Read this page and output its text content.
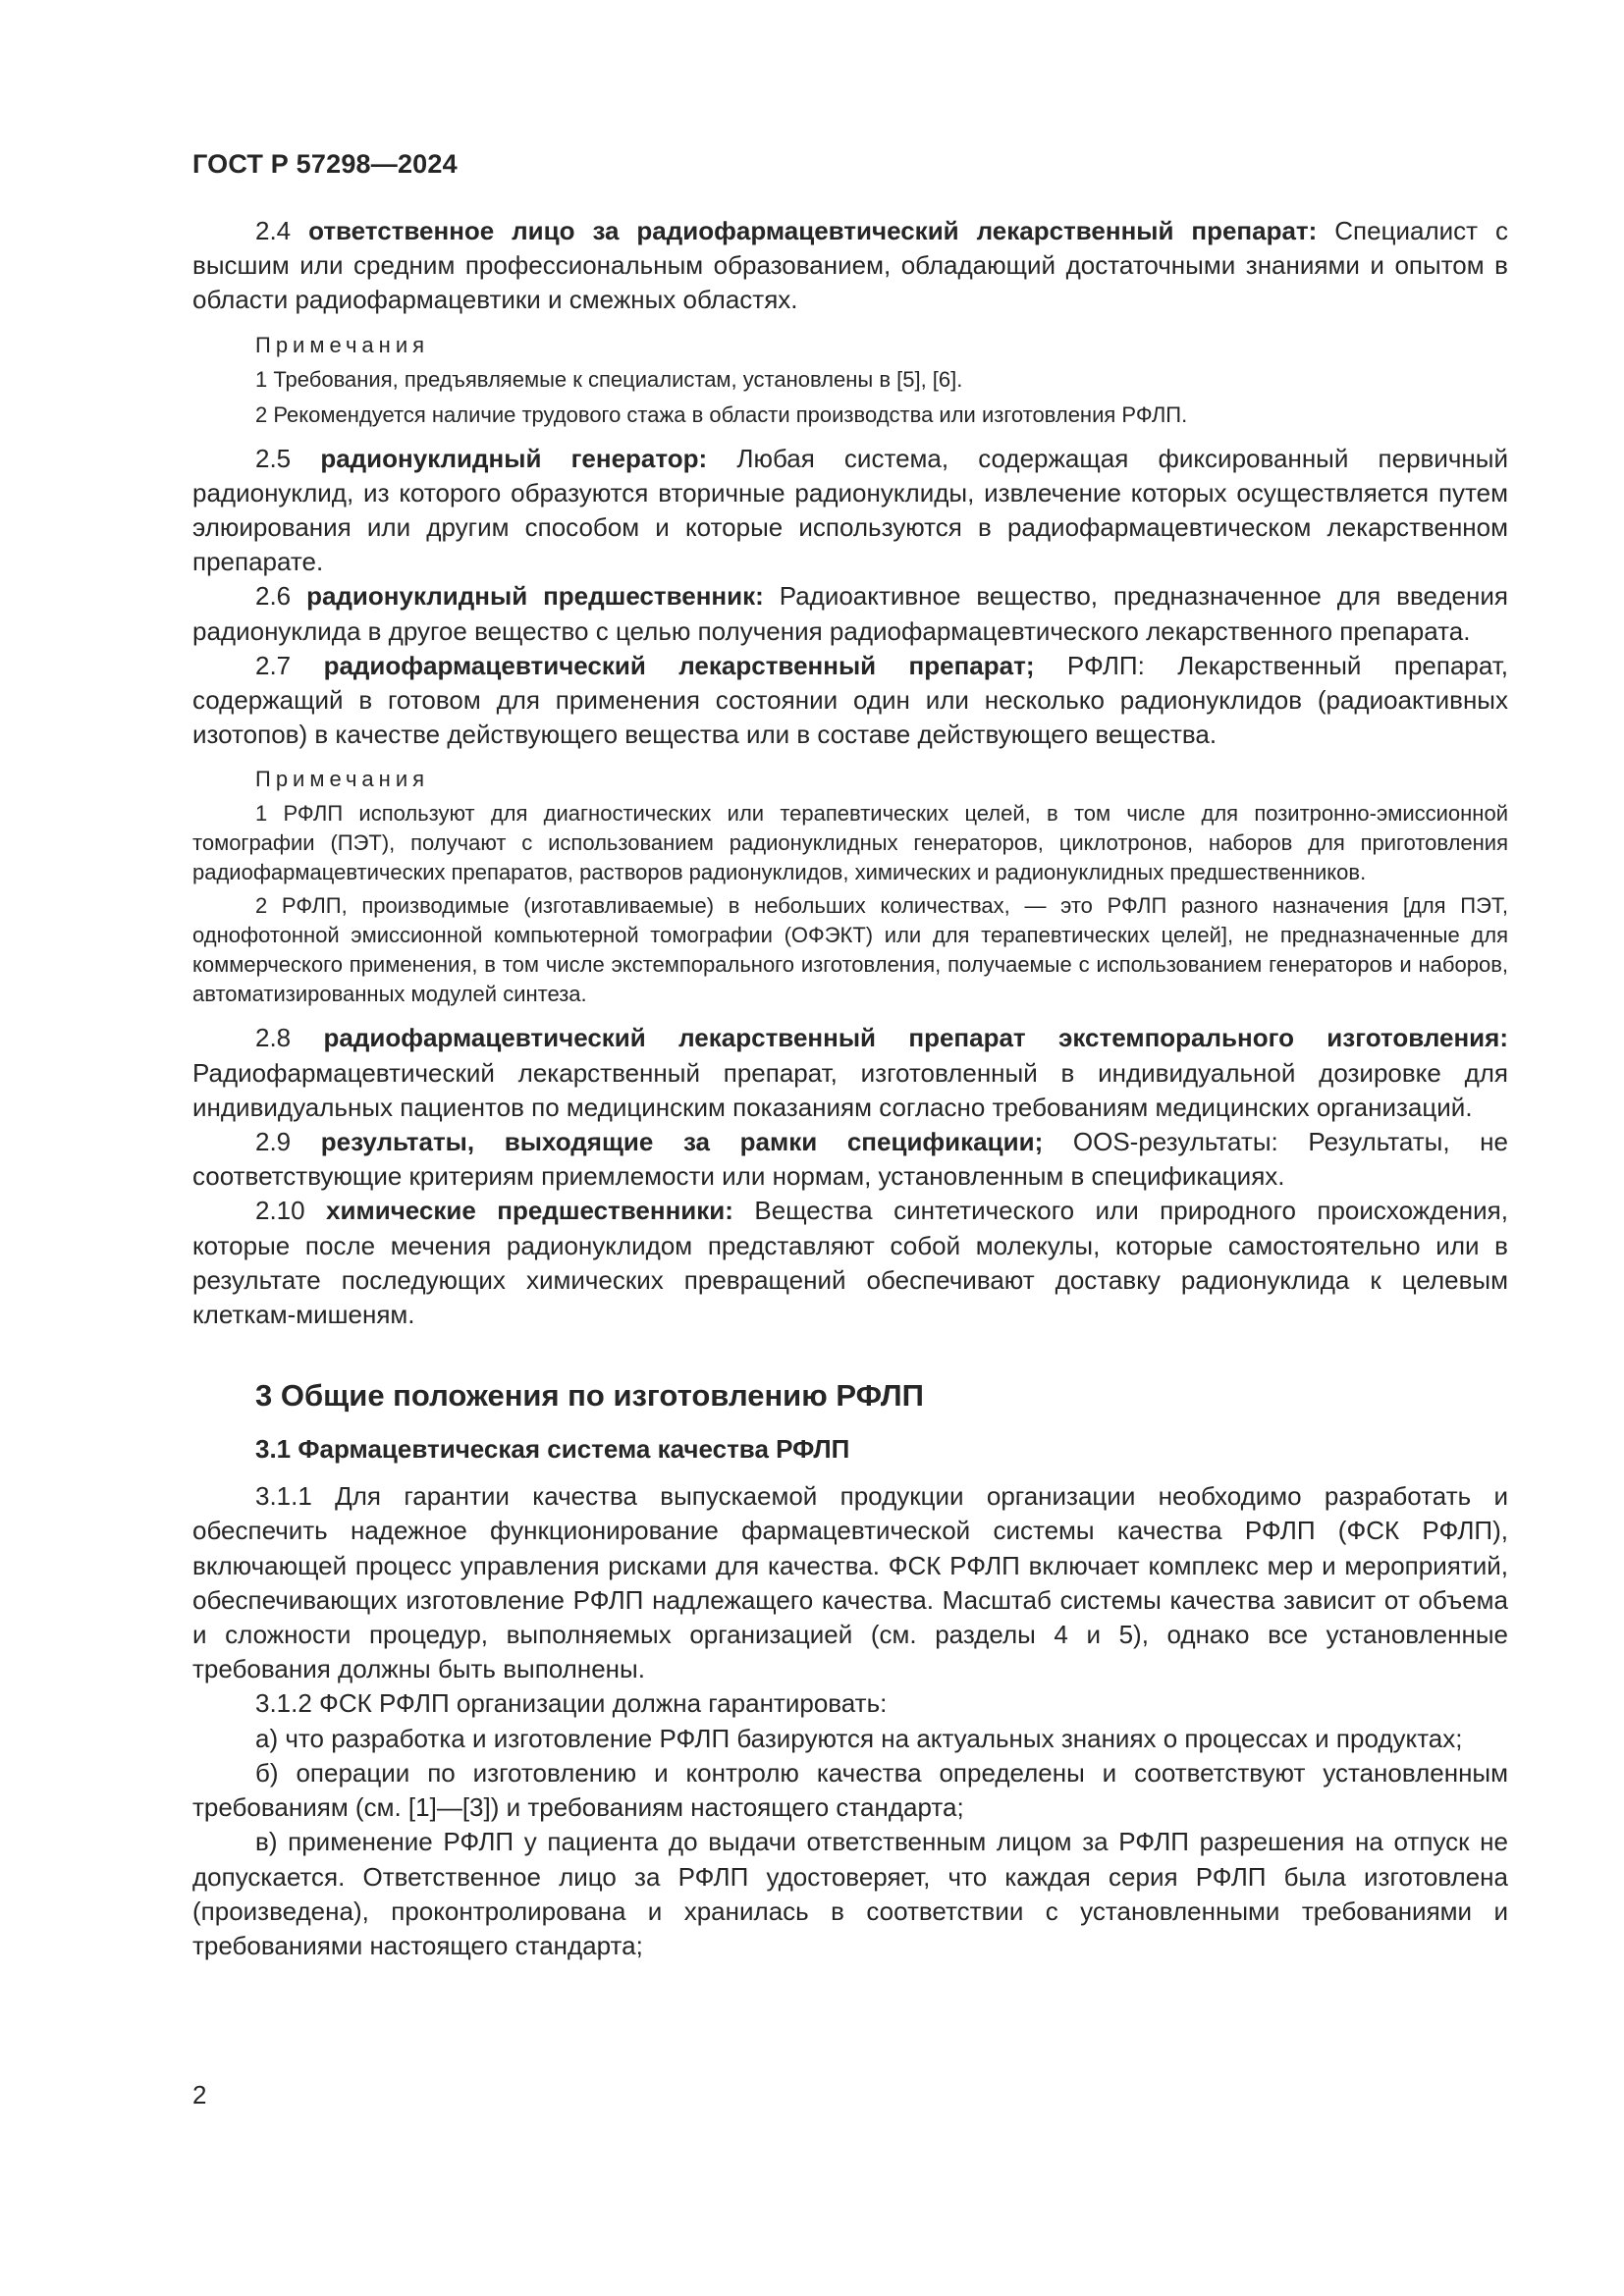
ГОСТ Р 57298—2024

2.4 ответственное лицо за радиофармацевтический лекарственный препарат: Специалист с высшим или средним профессиональным образованием, обладающий достаточными знаниями и опытом в области радиофармацевтики и смежных областях.

Примечания

1 Требования, предъявляемые к специалистам, установлены в [5], [6].

2 Рекомендуется наличие трудового стажа в области производства или изготовления РФЛП.

2.5 радионуклидный генератор: Любая система, содержащая фиксированный первичный радионуклид, из которого образуются вторичные радионуклиды, извлечение которых осуществляется путем элюирования или другим способом и которые используются в радиофармацевтическом лекарственном препарате.

2.6 радионуклидный предшественник: Радиоактивное вещество, предназначенное для введения радионуклида в другое вещество с целью получения радиофармацевтического лекарственного препарата.

2.7 радиофармацевтический лекарственный препарат; РФЛП: Лекарственный препарат, содержащий в готовом для применения состоянии один или несколько радионуклидов (радиоактивных изотопов) в качестве действующего вещества или в составе действующего вещества.

Примечания

1 РФЛП используют для диагностических или терапевтических целей, в том числе для позитронно-эмиссионной томографии (ПЭТ), получают с использованием радионуклидных генераторов, циклотронов, наборов для приготовления радиофармацевтических препаратов, растворов радионуклидов, химических и радионуклидных предшественников.

2 РФЛП, производимые (изготавливаемые) в небольших количествах, — это РФЛП разного назначения [для ПЭТ, однофотонной эмиссионной компьютерной томографии (ОФЭКТ) или для терапевтических целей], не предназначенные для коммерческого применения, в том числе экстемпорального изготовления, получаемые с использованием генераторов и наборов, автоматизированных модулей синтеза.

2.8 радиофармацевтический лекарственный препарат экстемпорального изготовления: Радиофармацевтический лекарственный препарат, изготовленный в индивидуальной дозировке для индивидуальных пациентов по медицинским показаниям согласно требованиям медицинских организаций.

2.9 результаты, выходящие за рамки спецификации; OOS-результаты: Результаты, не соответствующие критериям приемлемости или нормам, установленным в спецификациях.

2.10 химические предшественники: Вещества синтетического или природного происхождения, которые после мечения радионуклидом представляют собой молекулы, которые самостоятельно или в результате последующих химических превращений обеспечивают доставку радионуклида к целевым клеткам-мишеням.

3 Общие положения по изготовлению РФЛП
3.1 Фармацевтическая система качества РФЛП

3.1.1 Для гарантии качества выпускаемой продукции организации необходимо разработать и обеспечить надежное функционирование фармацевтической системы качества РФЛП (ФСК РФЛП), включающей процесс управления рисками для качества. ФСК РФЛП включает комплекс мер и мероприятий, обеспечивающих изготовление РФЛП надлежащего качества. Масштаб системы качества зависит от объема и сложности процедур, выполняемых организацией (см. разделы 4 и 5), однако все установленные требования должны быть выполнены.

3.1.2 ФСК РФЛП организации должна гарантировать:

а) что разработка и изготовление РФЛП базируются на актуальных знаниях о процессах и продуктах;

б) операции по изготовлению и контролю качества определены и соответствуют установленным требованиям (см. [1]—[3]) и требованиям настоящего стандарта;

в) применение РФЛП у пациента до выдачи ответственным лицом за РФЛП разрешения на отпуск не допускается. Ответственное лицо за РФЛП удостоверяет, что каждая серия РФЛП была изготовлена (произведена), проконтролирована и хранилась в соответствии с установленными требованиями и требованиями настоящего стандарта;

2
